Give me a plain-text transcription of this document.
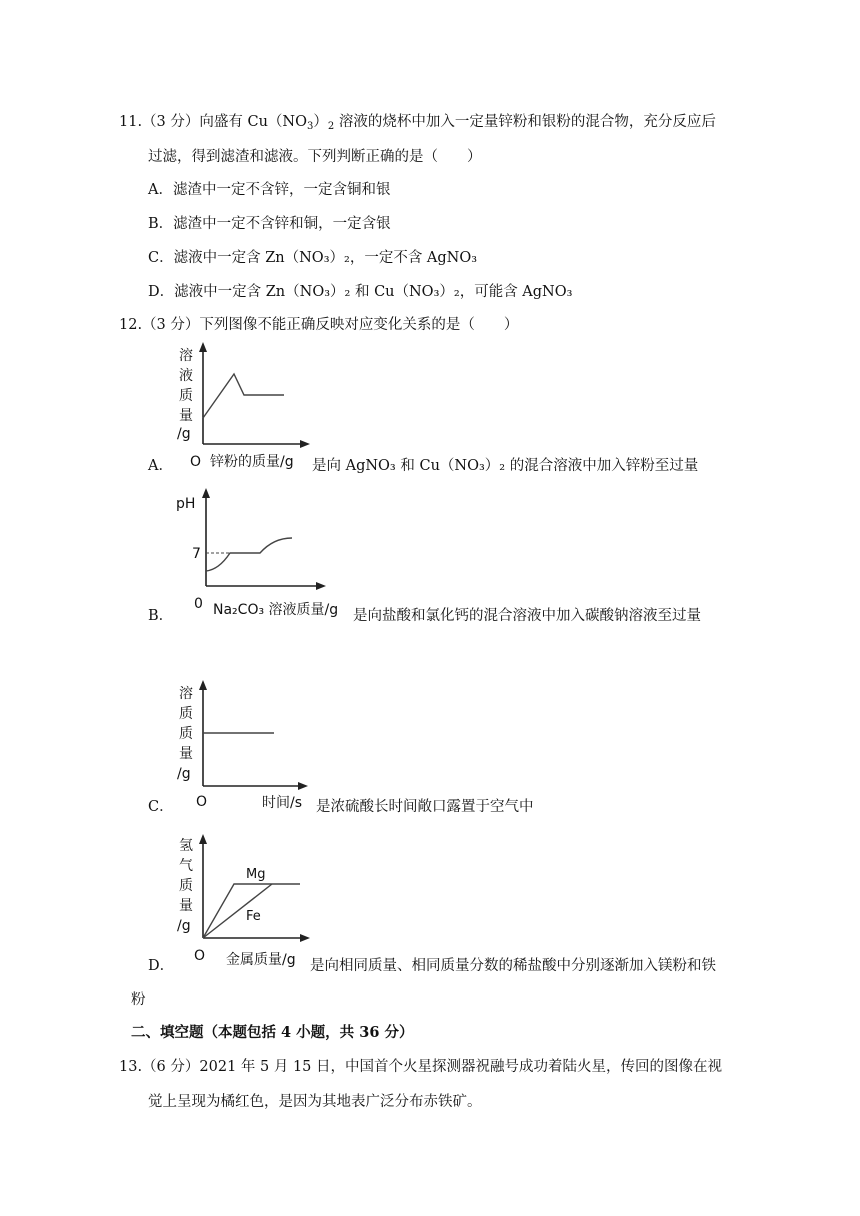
11.（3 分）向盛有 $Cu(NO_3)_2$ 溶液的烧杯中加入一定量锌粉和银粉的混合物，充分反应后
过滤，得到滤渣和滤液。下列判断正确的是（　　）
A．滤渣中一定不含锌，一定含铜和银
B．滤渣中一定不含锌和铜，一定含银
C．滤液中一定含 Zn（NO₃）₂，一定不含 AgNO₃
D．滤液中一定含 Zn（NO₃）₂ 和 Cu（NO₃）₂，可能含 AgNO₃
12.（3 分）下列图像不能正确反映对应变化关系的是（　　）
溶
液
质
量
/g
O
A．	锌粉的质量/g 是向 AgNO₃ 和 Cu（NO₃）₂ 的混合溶液中加入锌粉至过量
pH
7
0
B．	Na₂CO₃ 溶液质量/g 是向盐酸和氯化钙的混合溶液中加入碳酸钠溶液至过量
溶
质
质
量
/g
O
C．	时间/s 是浓硫酸长时间敞口露置于空气中
氢
气
质
量
/g
Mg
Fe
O
D．	金属质量/g 是向相同质量、相同质量分数的稀盐酸中分别逐渐加入镁粉和铁
粉
二、填空题（本题包括 4 小题，共 36 分）
13.（6 分）2021 年 5 月 15 日，中国首个火星探测器祝融号成功着陆火星，传回的图像在视
觉上呈现为橘红色，是因为其地表广泛分布赤铁矿。
